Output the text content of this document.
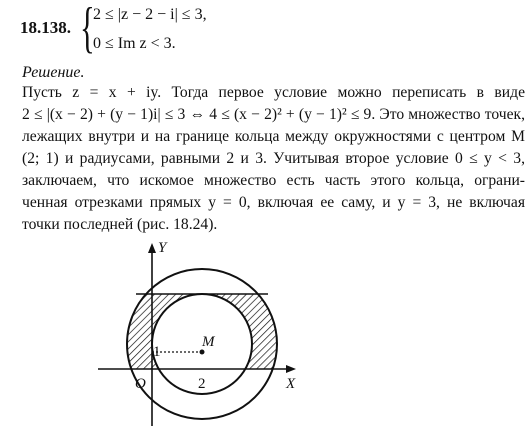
18.138. {
2 ≤ |z − 2 − i| ≤ 3,
0 ≤ Im z < 3.
Решение.
Пусть z = x + iy. Тогда первое условие можно переписать в виде
2 ≤ |(x − 2) + (y − 1)i| ≤ 3 ⇔ 4 ≤ (x − 2)² + (y − 1)² ≤ 9. Это множество точек,
лежащих внутри и на границе кольца между окружностями с центром M
(2; 1) и радиусами, равными 2 и 3. Учитывая второе условие 0 ≤ y < 3,
заключаем, что искомое множество есть часть этого кольца, ограни-
ченная отрезками прямых y = 0, включая ее саму, и y = 3, не включая
точки последней (рис. 18.24).
Y
X
O	2
1
M
